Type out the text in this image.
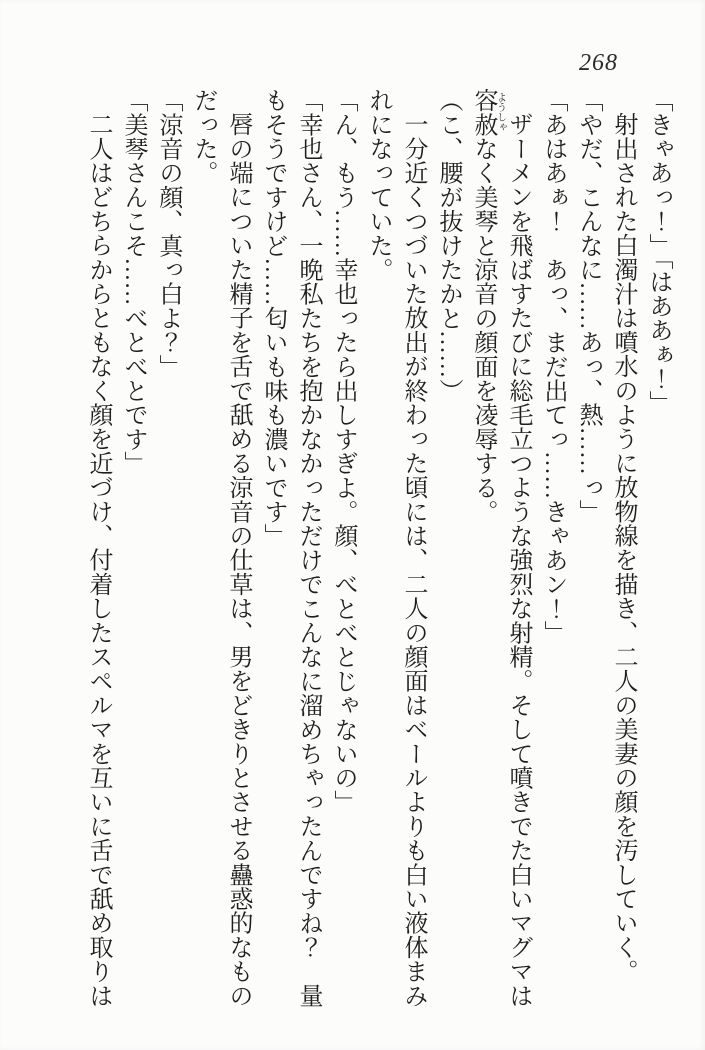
268

「きゃあっ！」「はああぁ！」

射出された白濁汁は噴水のように放物線を描き、二人の美妻の顔を汚していく。

「やだ、こんなに……あっ、熱……っ」

「あはあぁ！　あっ、まだ出てっ……きゃあン！」

ザーメンを飛ばすたびに総毛立つような強烈な射精。そして噴きでた白いマグマは容赦ようしゃなく美琴と涼音の顔面を凌辱する。

（こ、腰が抜けたかと……）

一分近くつづいた放出が終わった頃には、二人の顔面はベールよりも白い液体まみれになっていた。

「ん、もう……幸也ったら出しすぎよ。顔、べとべとじゃないの」

「幸也さん、一晩私たちを抱かなかっただけでこんなに溜めちゃったんですね？　量もそうですけど……匂いも味も濃いです」

唇の端についた精子を舌で舐める涼音の仕草は、男をどきりとさせる蠱惑的なものだった。

「涼音の顔、真っ白よ？」

「美琴さんこそ……べとべとです」

二人はどちらからともなく顔を近づけ、付着したスペルマを互いに舌で舐め取りは
